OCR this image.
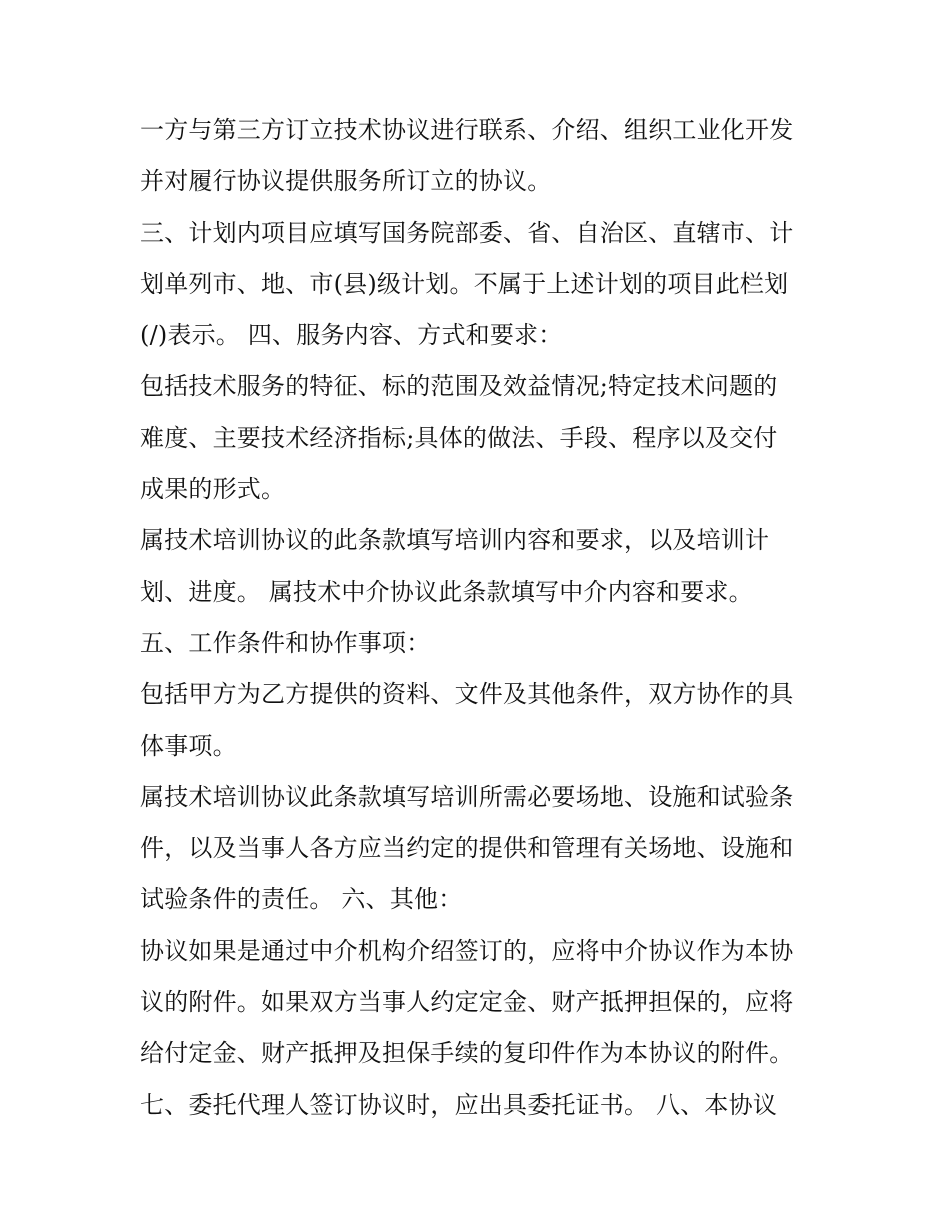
一方与第三方订立技术协议进行联系、介绍、组织工业化开发
并对履行协议提供服务所订立的协议。
三、计划内项目应填写国务院部委、省、自治区、直辖市、计
划单列市、地、市(县)级计划。不属于上述计划的项目此栏划
(/)表示。 四、服务内容、方式和要求：
包括技术服务的特征、标的范围及效益情况;特定技术问题的
难度、主要技术经济指标;具体的做法、手段、程序以及交付
成果的形式。
属技术培训协议的此条款填写培训内容和要求，以及培训计
划、进度。 属技术中介协议此条款填写中介内容和要求。
五、工作条件和协作事项：
包括甲方为乙方提供的资料、文件及其他条件，双方协作的具
体事项。
属技术培训协议此条款填写培训所需必要场地、设施和试验条
件，以及当事人各方应当约定的提供和管理有关场地、设施和
试验条件的责任。 六、其他：
协议如果是通过中介机构介绍签订的，应将中介协议作为本协
议的附件。如果双方当事人约定定金、财产抵押担保的，应将
给付定金、财产抵押及担保手续的复印件作为本协议的附件。
七、委托代理人签订协议时，应出具委托证书。 八、本协议
